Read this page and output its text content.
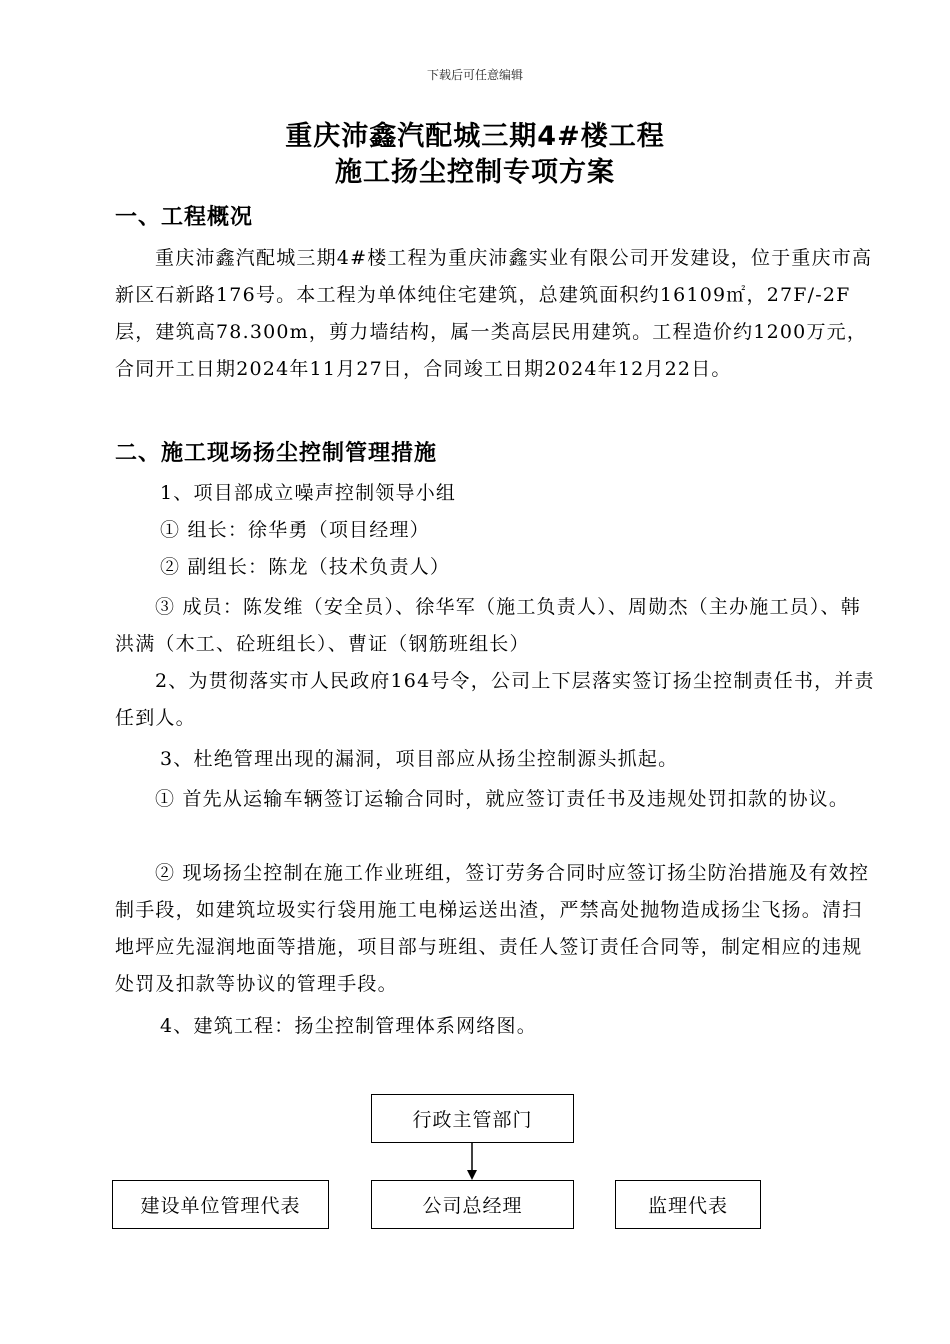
下载后可任意编辑
重庆沛鑫汽配城三期4#楼工程
施工扬尘控制专项方案
一、工程概况
重庆沛鑫汽配城三期4#楼工程为重庆沛鑫实业有限公司开发建设，位于重庆市高新区石新路176号。本工程为单体纯住宅建筑，总建筑面积约16109㎡，27F/-2F层，建筑高78.300m，剪力墙结构，属一类高层民用建筑。工程造价约1200万元，合同开工日期2024年11月27日，合同竣工日期2024年12月22日。
二、施工现场扬尘控制管理措施
1、项目部成立噪声控制领导小组
① 组长：徐华勇（项目经理）
② 副组长：陈龙（技术负责人）
③ 成员：陈发维（安全员）、徐华军（施工负责人）、周勋杰（主办施工员）、韩洪满（木工、砼班组长）、曹证（钢筋班组长）
2、为贯彻落实市人民政府164号令，公司上下层落实签订扬尘控制责任书，并责任到人。
3、杜绝管理出现的漏洞，项目部应从扬尘控制源头抓起。
① 首先从运输车辆签订运输合同时，就应签订责任书及违规处罚扣款的协议。
② 现场扬尘控制在施工作业班组，签订劳务合同时应签订扬尘防治措施及有效控制手段，如建筑垃圾实行袋用施工电梯运送出渣，严禁高处抛物造成扬尘飞扬。清扫地坪应先湿润地面等措施，项目部与班组、责任人签订责任合同等，制定相应的违规处罚及扣款等协议的管理手段。
4、建筑工程：扬尘控制管理体系网络图。
行政主管部门
建设单位管理代表	公司总经理	监理代表
